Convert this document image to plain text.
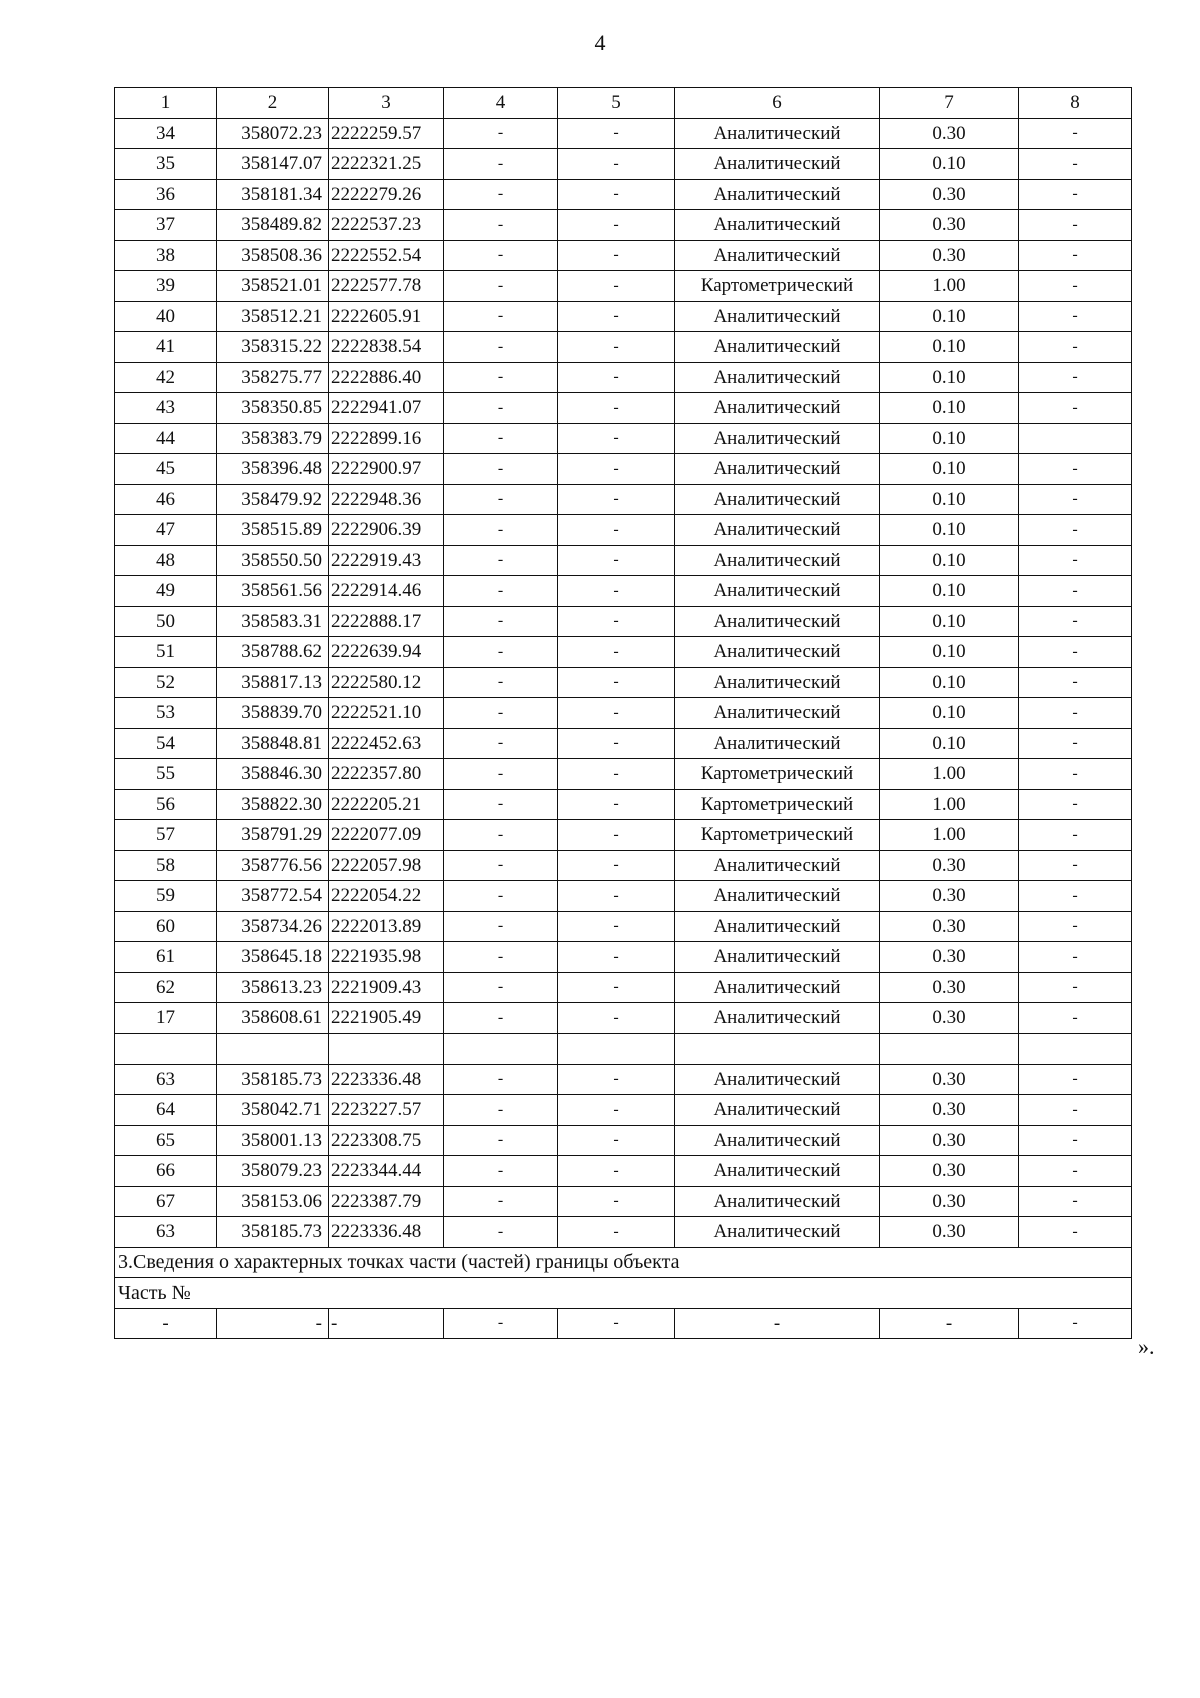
4
1	2	3	4	5	6	7	8
34	358072.23	2222259.57	-	-	Аналитический	0.30	-
35	358147.07	2222321.25	-	-	Аналитический	0.10	-
36	358181.34	2222279.26	-	-	Аналитический	0.30	-
37	358489.82	2222537.23	-	-	Аналитический	0.30	-
38	358508.36	2222552.54	-	-	Аналитический	0.30	-
39	358521.01	2222577.78	-	-	Картометрический	1.00	-
40	358512.21	2222605.91	-	-	Аналитический	0.10	-
41	358315.22	2222838.54	-	-	Аналитический	0.10	-
42	358275.77	2222886.40	-	-	Аналитический	0.10	-
43	358350.85	2222941.07	-	-	Аналитический	0.10	-
44	358383.79	2222899.16	-	-	Аналитический	0.10	
45	358396.48	2222900.97	-	-	Аналитический	0.10	-
46	358479.92	2222948.36	-	-	Аналитический	0.10	-
47	358515.89	2222906.39	-	-	Аналитический	0.10	-
48	358550.50	2222919.43	-	-	Аналитический	0.10	-
49	358561.56	2222914.46	-	-	Аналитический	0.10	-
50	358583.31	2222888.17	-	-	Аналитический	0.10	-
51	358788.62	2222639.94	-	-	Аналитический	0.10	-
52	358817.13	2222580.12	-	-	Аналитический	0.10	-
53	358839.70	2222521.10	-	-	Аналитический	0.10	-
54	358848.81	2222452.63	-	-	Аналитический	0.10	-
55	358846.30	2222357.80	-	-	Картометрический	1.00	-
56	358822.30	2222205.21	-	-	Картометрический	1.00	-
57	358791.29	2222077.09	-	-	Картометрический	1.00	-
58	358776.56	2222057.98	-	-	Аналитический	0.30	-
59	358772.54	2222054.22	-	-	Аналитический	0.30	-
60	358734.26	2222013.89	-	-	Аналитический	0.30	-
61	358645.18	2221935.98	-	-	Аналитический	0.30	-
62	358613.23	2221909.43	-	-	Аналитический	0.30	-
17	358608.61	2221905.49	-	-	Аналитический	0.30	-

63	358185.73	2223336.48	-	-	Аналитический	0.30	-
64	358042.71	2223227.57	-	-	Аналитический	0.30	-
65	358001.13	2223308.75	-	-	Аналитический	0.30	-
66	358079.23	2223344.44	-	-	Аналитический	0.30	-
67	358153.06	2223387.79	-	-	Аналитический	0.30	-
63	358185.73	2223336.48	-	-	Аналитический	0.30	-
3.Сведения о характерных точках части (частей) границы объекта							
Часть №							
-	-	-	-	-	-	-	-
».
